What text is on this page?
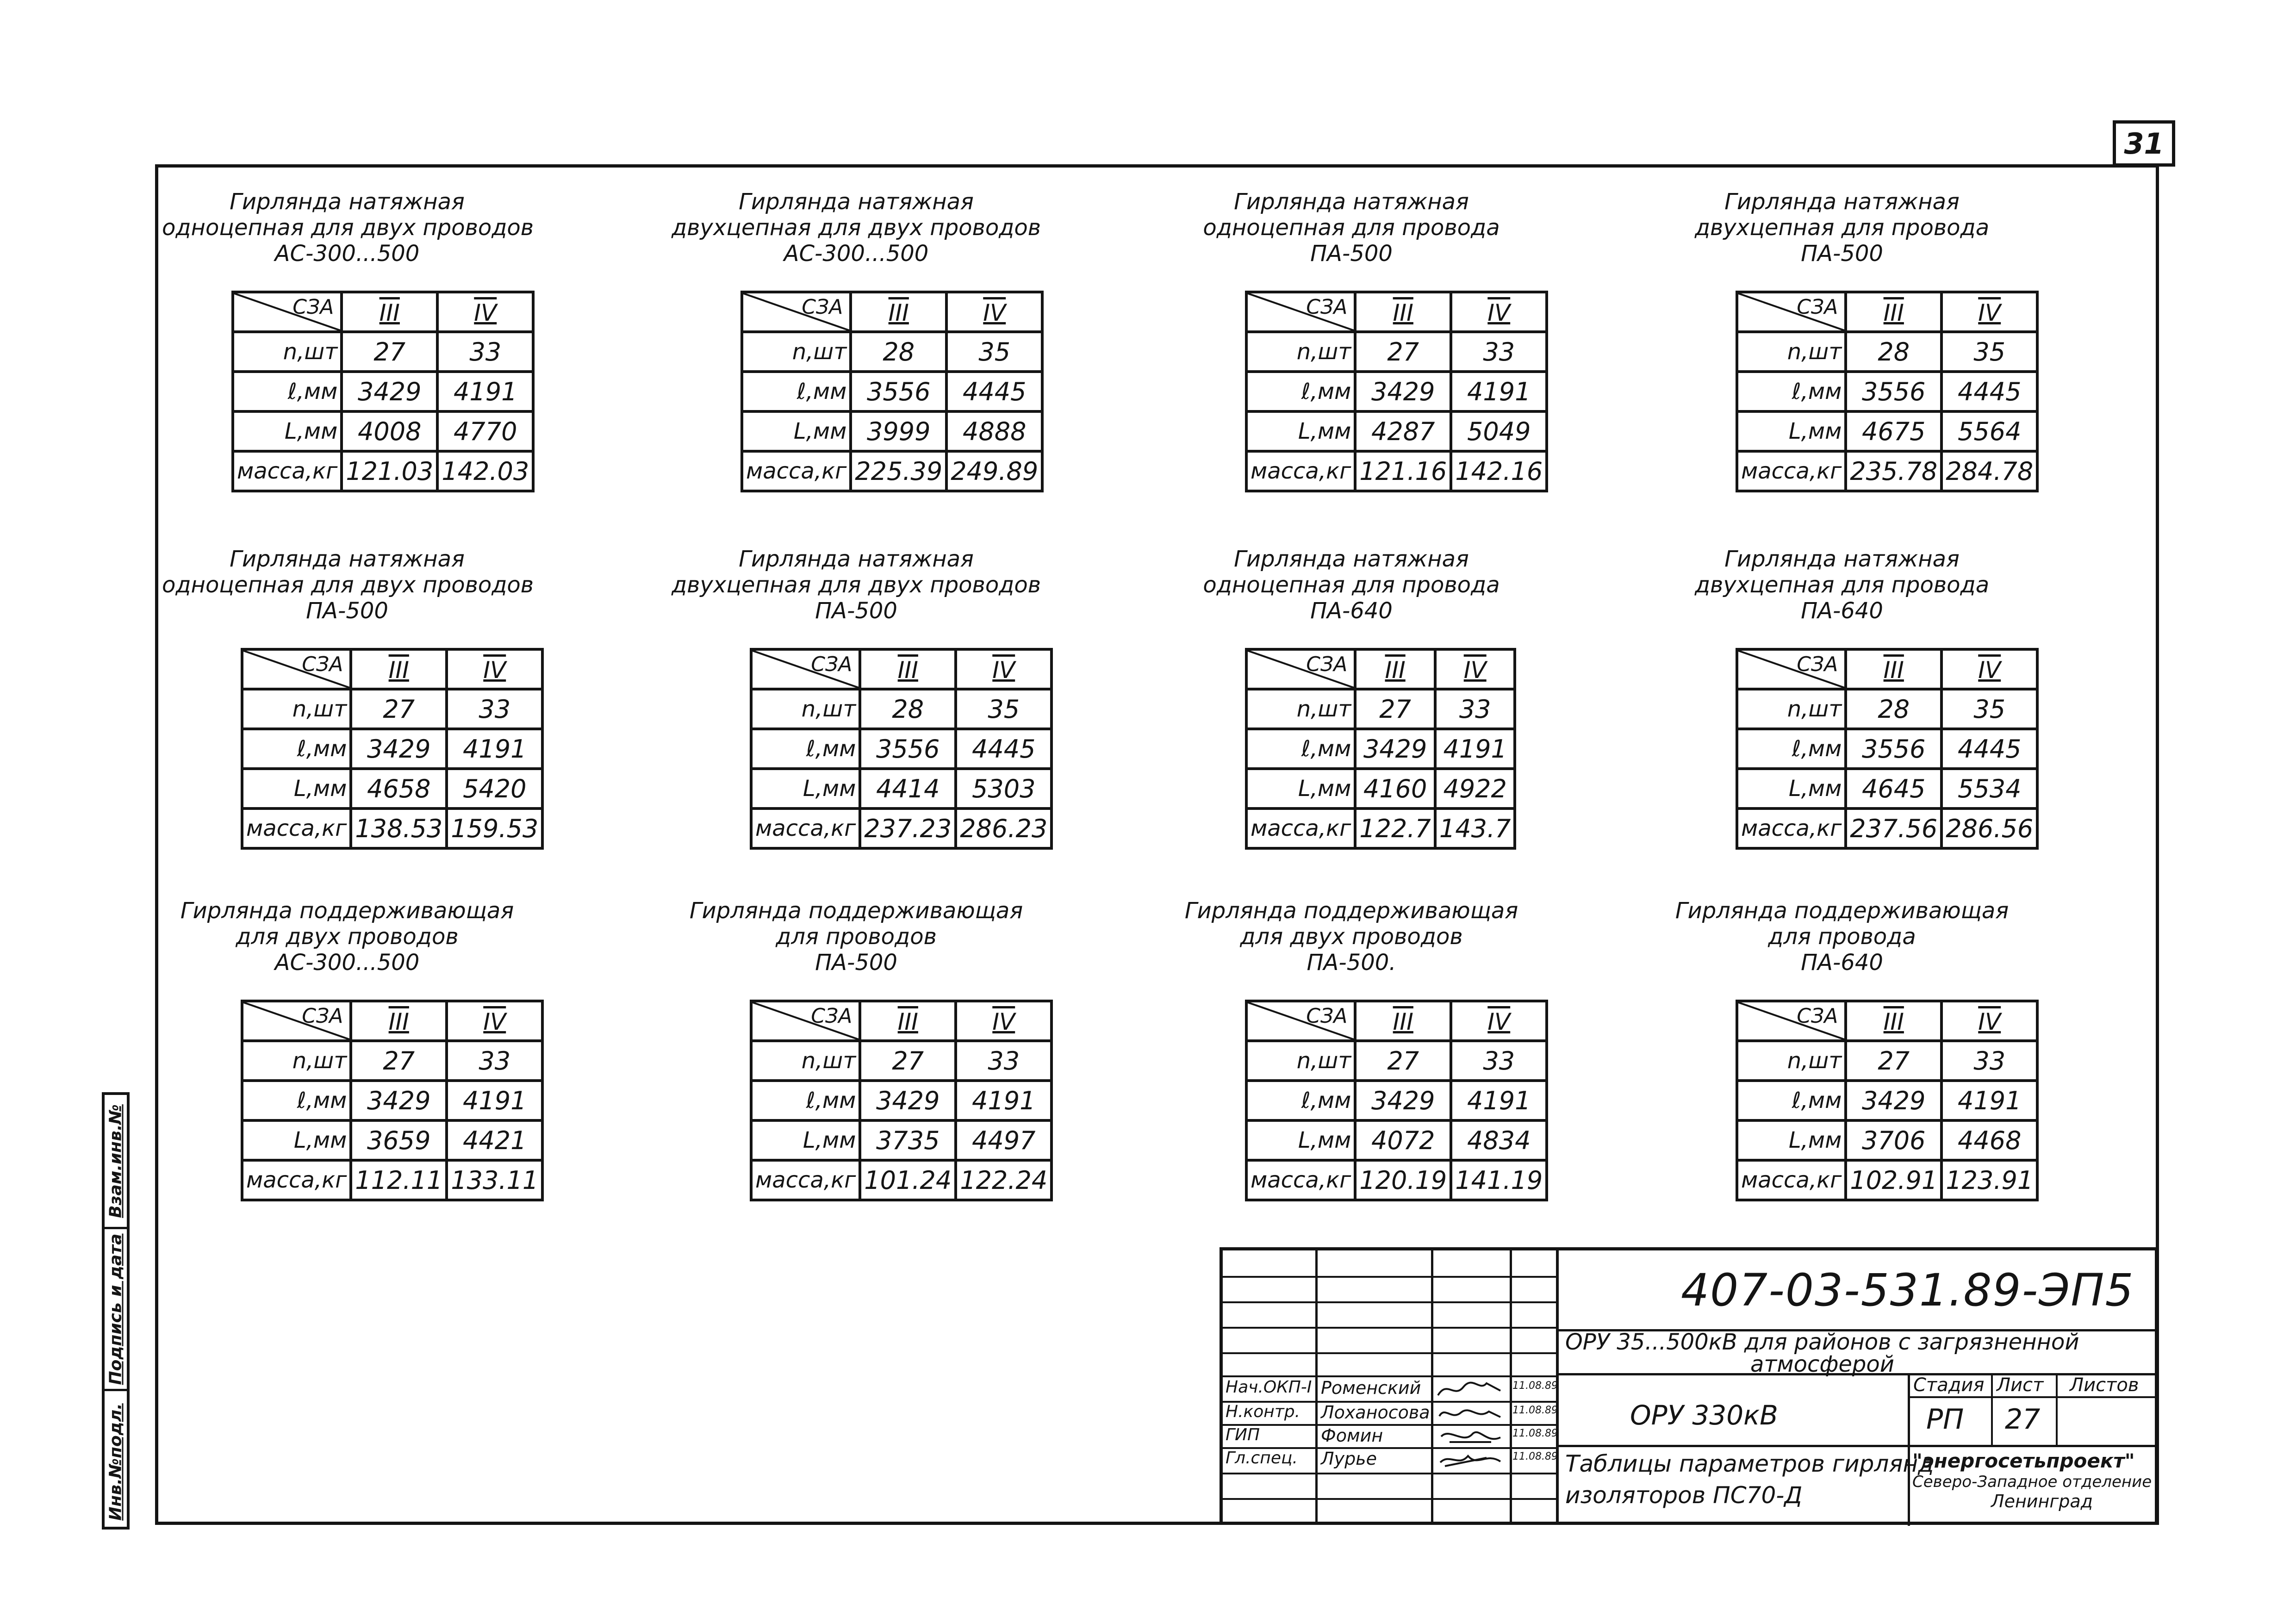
31
Инв.№подл.
Подпись и дата
Взам.инв.№
Гирлянда натяжная
одноцепная для двух проводов
АС-300...500
СЗА	III	IV
n,шт	27	33
ℓ,мм	3429	4191
L,мм	4008	4770
масса,кг	121.03	142.03
Гирлянда натяжная
двухцепная для двух проводов
АС-300...500
СЗА	III	IV
n,шт	28	35
ℓ,мм	3556	4445
L,мм	3999	4888
масса,кг	225.39	249.89
Гирлянда натяжная
одноцепная для провода
ПА-500
СЗА	III	IV
n,шт	27	33
ℓ,мм	3429	4191
L,мм	4287	5049
масса,кг	121.16	142.16
Гирлянда натяжная
двухцепная для провода
ПА-500
СЗА	III	IV
n,шт	28	35
ℓ,мм	3556	4445
L,мм	4675	5564
масса,кг	235.78	284.78
Гирлянда натяжная
одноцепная для двух проводов
ПА-500
СЗА	III	IV
n,шт	27	33
ℓ,мм	3429	4191
L,мм	4658	5420
масса,кг	138.53	159.53
Гирлянда натяжная
двухцепная для двух проводов
ПА-500
СЗА	III	IV
n,шт	28	35
ℓ,мм	3556	4445
L,мм	4414	5303
масса,кг	237.23	286.23
Гирлянда натяжная
одноцепная для провода
ПА-640
СЗА	III	IV
n,шт	27	33
ℓ,мм	3429	4191
L,мм	4160	4922
масса,кг	122.7	143.7
Гирлянда натяжная
двухцепная для провода
ПА-640
СЗА	III	IV
n,шт	28	35
ℓ,мм	3556	4445
L,мм	4645	5534
масса,кг	237.56	286.56
Гирлянда поддерживающая
для двух проводов
АС-300...500
СЗА	III	IV
n,шт	27	33
ℓ,мм	3429	4191
L,мм	3659	4421
масса,кг	112.11	133.11
Гирлянда поддерживающая
для проводов
ПА-500
СЗА	III	IV
n,шт	27	33
ℓ,мм	3429	4191
L,мм	3735	4497
масса,кг	101.24	122.24
Гирлянда поддерживающая
для двух проводов
ПА-500.
СЗА	III	IV
n,шт	27	33
ℓ,мм	3429	4191
L,мм	4072	4834
масса,кг	120.19	141.19
Гирлянда поддерживающая
для провода
ПА-640
СЗА	III	IV
n,шт	27	33
ℓ,мм	3429	4191
L,мм	3706	4468
масса,кг	102.91	123.91
407-03-531.89-ЭП5
ОРУ 35...500кВ для районов с загрязненной
атмосферой
ОРУ 330кВ
Стадия Лист Листов
РП 27
Таблицы параметров гирлянд
изоляторов ПС70-Д
"энергосетьпроект"
Северо-Западное отделение
Ленинград
Нач.ОКП-I Роменский	11.08.89
Н.контр. Лоханосова	11.08.89
ГИП	Фомин	11.08.89
Гл.спец. Лурье	11.08.89
